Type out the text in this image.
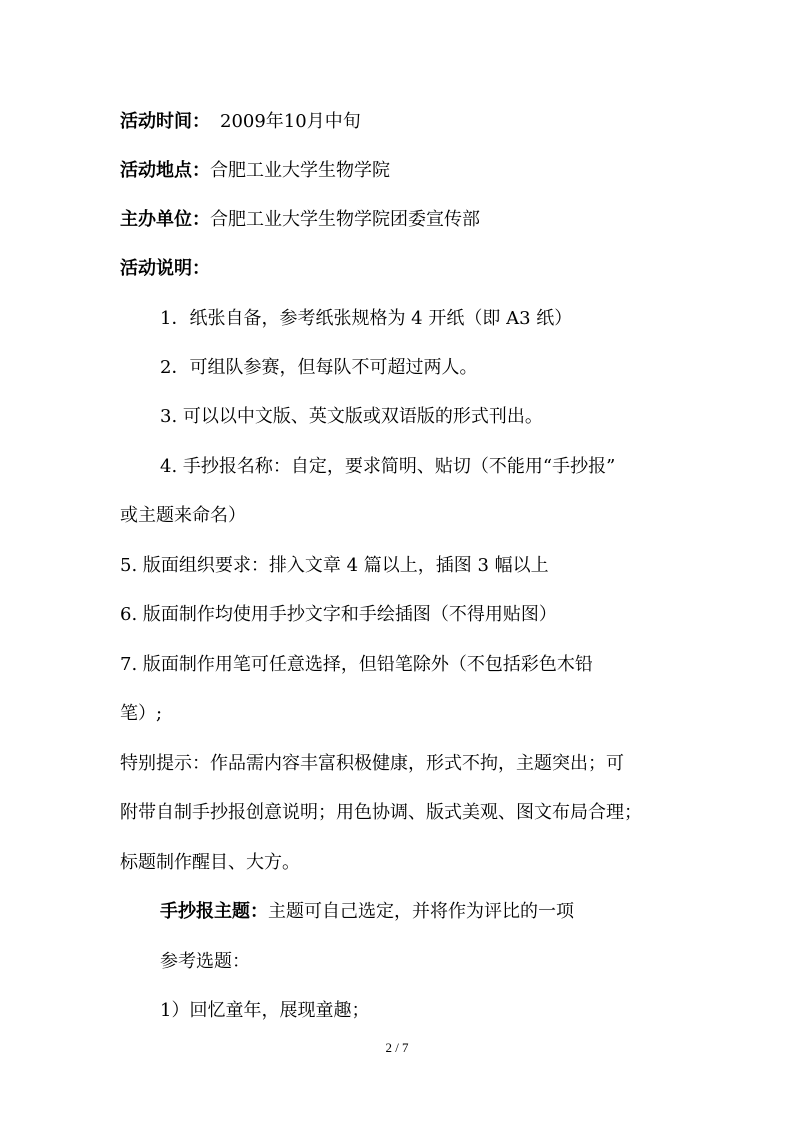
活动时间： 2009年10月中旬
活动地点：合肥工业大学生物学院
主办单位：合肥工业大学生物学院团委宣传部
活动说明：
1．纸张自备，参考纸张规格为 4 开纸（即 A3 纸）
2．可组队参赛，但每队不可超过两人。
3. 可以以中文版、英文版或双语版的形式刊出。
4. 手抄报名称：自定，要求简明、贴切（不能用“手抄报”
或主题来命名）
5. 版面组织要求：排入文章 4 篇以上，插图 3 幅以上
6. 版面制作均使用手抄文字和手绘插图（不得用贴图）
7. 版面制作用笔可任意选择，但铅笔除外（不包括彩色木铅
笔）;
特别提示：作品需内容丰富积极健康，形式不拘，主题突出；可
附带自制手抄报创意说明；用色协调、版式美观、图文布局合理；
标题制作醒目、大方。
手抄报主题：主题可自己选定，并将作为评比的一项
参考选题：
1）回忆童年，展现童趣；
2 / 7
